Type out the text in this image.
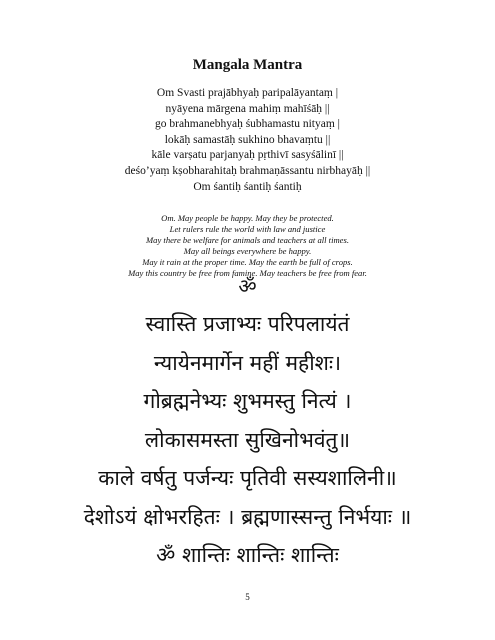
Mangala Mantra
Om Svasti prajābhyaḥ paripalāyantaṃ |
nyāyena mārgena mahiṃ mahīśāḥ ||
go brahmanebhyaḥ śubhamastu nityaṃ |
lokāḥ samastāḥ sukhino bhavaṃtu ||
kāle varṣatu parjanyaḥ pṛthivī sasyśālinī ||
deśo’yaṃ kṣobharahitaḥ brahmaṇāssantu nirbhayāḥ ||
Om śantiḥ śantiḥ śantiḥ
Om. May people be happy. May they be protected.
Let rulers rule the world with law and justice
May there be welfare for animals and teachers at all times.
May all beings everywhere be happy.
May it rain at the proper time. May the earth be full of crops.
May this country be free from famine. May teachers be free from fear.
ॐ
स्वास्ति प्रजाभ्यः परिपलायंतं
न्यायेनमार्गेन महीं महीशः।
गोब्रह्मनेभ्यः शुभमस्तु नित्यं ।
लोकासमस्ता सुखिनोभवंतु॥
काले वर्षतु पर्जन्यः पृतिवी सस्यशालिनी॥
देशोऽयं क्षोभरहितः । ब्रह्मणास्सन्तु निर्भयाः ॥
ॐ शान्तिः शान्तिः शान्तिः
5
